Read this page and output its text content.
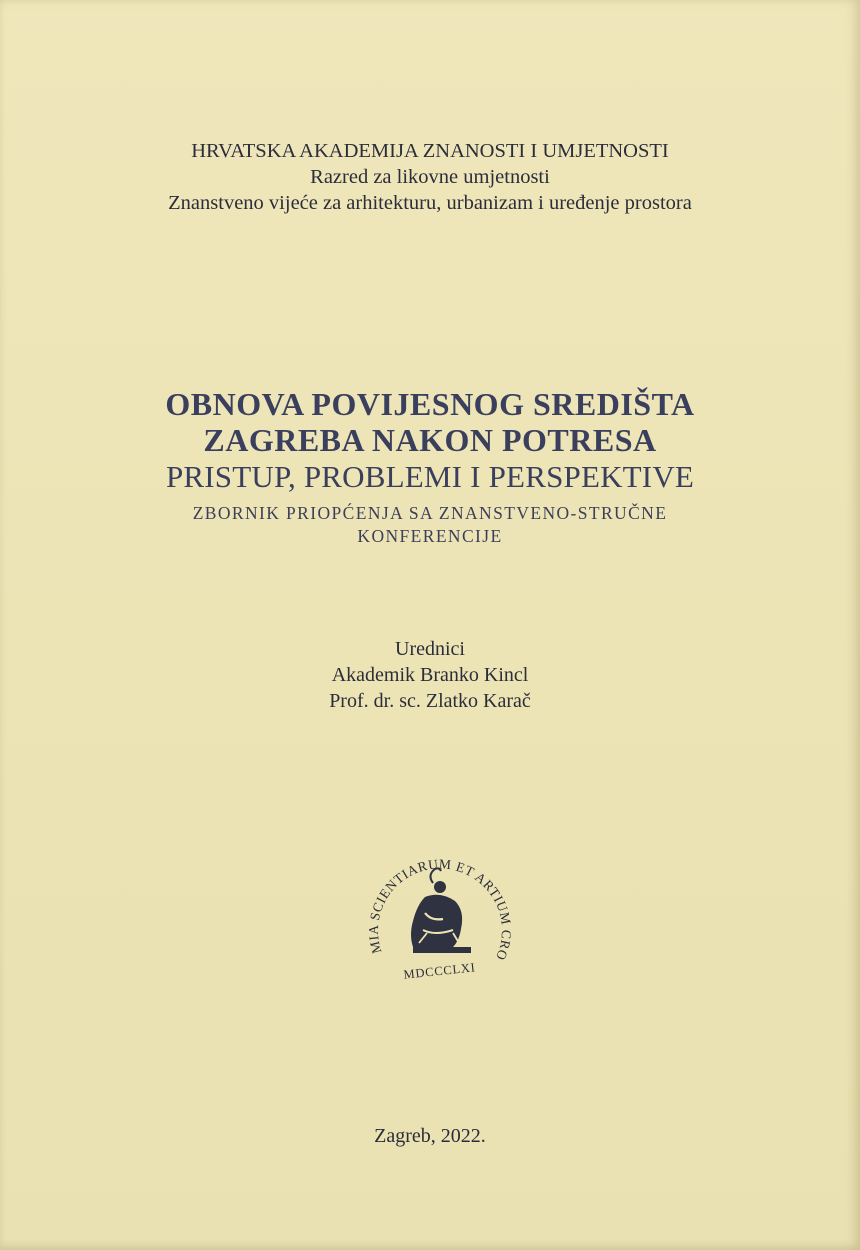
HRVATSKA AKADEMIJA ZNANOSTI I UMJETNOSTI
Razred za likovne umjetnosti
Znanstveno vijeće za arhitekturu, urbanizam i uređenje prostora
OBNOVA POVIJESNOG SREDIŠTA
ZAGREBA NAKON POTRESA
PRISTUP, PROBLEMI I PERSPEKTIVE
ZBORNIK PRIOPĆENJA SA ZNANSTVENO-STRUČNE
KONFERENCIJE
Urednici
Akademik Branko Kincl
Prof. dr. sc. Zlatko Karač
MIA SCIENTIARUM ET ARTIUM CRO
MDCCCLXI
Zagreb, 2022.
